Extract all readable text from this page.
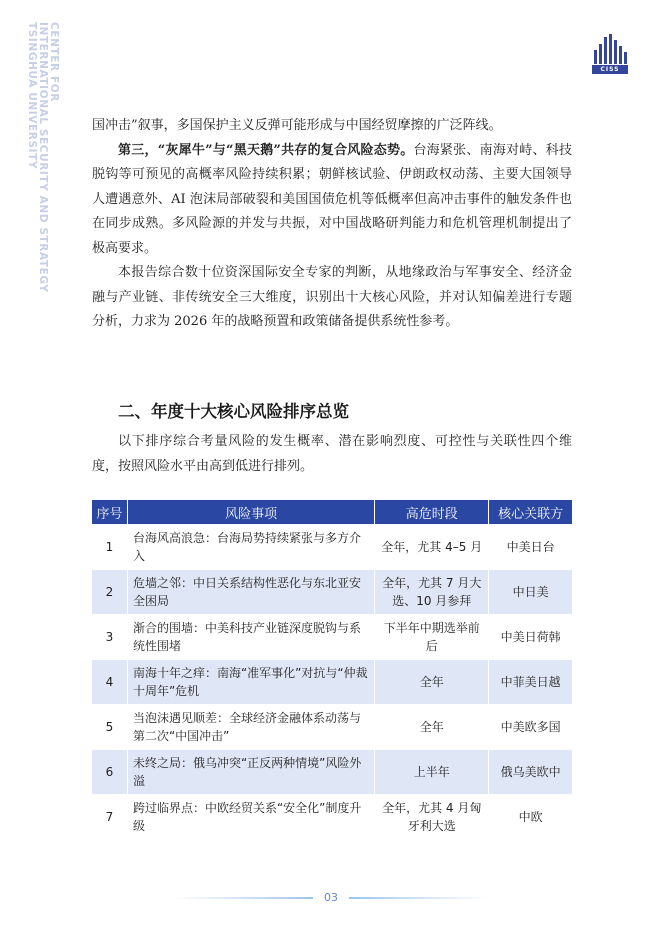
CENTER FOR
INTERNATIONAL SECURITY AND STRATEGY
TSINGHUA UNIVERSITY
CISS

国冲击”叙事，多国保护主义反弹可能形成与中国经贸摩擦的广泛阵线。

第三，“灰犀牛”与“黑天鹅”共存的复合风险态势。台海紧张、南海对峙、科技脱钩等可预见的高概率风险持续积累；朝鲜核试验、伊朗政权动荡、主要大国领导人遭遇意外、AI 泡沫局部破裂和美国国债危机等低概率但高冲击事件的触发条件也在同步成熟。多风险源的并发与共振，对中国战略研判能力和危机管理机制提出了极高要求。

本报告综合数十位资深国际安全专家的判断，从地缘政治与军事安全、经济金融与产业链、非传统安全三大维度，识别出十大核心风险，并对认知偏差进行专题分析，力求为 2026 年的战略预置和政策储备提供系统性参考。

二、年度十大核心风险排序总览

以下排序综合考量风险的发生概率、潜在影响烈度、可控性与关联性四个维度，按照风险水平由高到低进行排列。

序号	风险事项	高危时段	核心关联方
1	台海风高浪急：台海局势持续紧张与多方介入	全年，尤其 4–5 月	中美日台
2	危墙之邻：中日关系结构性恶化与东北亚安全困局	全年，尤其 7 月大选、10 月参拜	中日美
3	渐合的围墙：中美科技产业链深度脱钩与系统性围堵	下半年中期选举前后	中美日荷韩
4	南海十年之痒：南海“准军事化”对抗与“仲裁十周年”危机	全年	中菲美日越
5	当泡沫遇见顺差：全球经济金融体系动荡与第二次“中国冲击”	全年	中美欧多国
6	未终之局：俄乌冲突“正反两种情境”风险外溢	上半年	俄乌美欧中
7	跨过临界点：中欧经贸关系“安全化”制度升级	全年，尤其 4 月匈牙利大选	中欧
03
